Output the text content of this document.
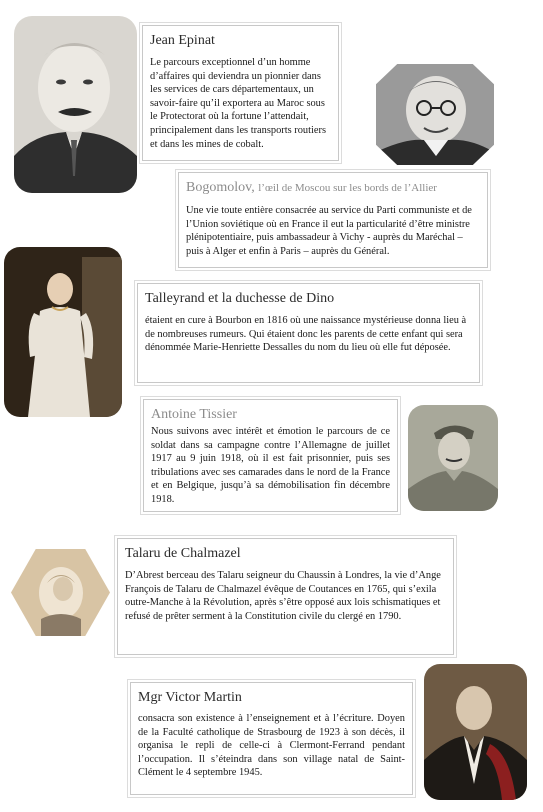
Jean Epinat

Le parcours exceptionnel d’un homme d’affaires qui deviendra un pionnier dans les services de cars départementaux, un savoir-faire qu’il exportera au Maroc sous le Protectorat où la fortune l’attendait, principalement dans les transports routiers et dans les mines de cobalt.

Bogomolov, l’œil de Moscou sur les bords de l’Allier

Une vie toute entière consacrée au service du Parti communiste et de l’Union soviétique où en France il eut la particularité d’être ministre plénipotentiaire, puis ambassadeur à Vichy - auprès du Maréchal – puis à Alger et enfin à Paris – auprès du Général.

Talleyrand et la duchesse de Dino

étaient en cure à Bourbon en 1816 où une naissance mystérieuse donna lieu à de nombreuses rumeurs. Qui étaient donc les parents de cette enfant qui sera dénommée Marie-Henriette Dessalles du nom du lieu où elle fut déposée.

Antoine Tissier

Nous suivons avec intérêt et émotion le parcours de ce soldat dans sa campagne contre l’Allemagne de juillet 1917 au 9 juin 1918, où il est fait prisonnier, puis ses tribulations avec ses camarades dans le nord de la France et en Belgique, jusqu’à sa démobilisation fin décembre 1918.

Talaru de Chalmazel

D’Abrest berceau des Talaru seigneur du Chaussin à Londres, la vie d’Ange François de Talaru de Chalmazel évêque de Coutances en 1765, qui s’exila outre-Manche à la Révolution, après s’être opposé aux lois schismatiques et refusé de prêter serment à la Constitution civile du clergé en 1790.

Mgr Victor Martin

consacra son existence à l’enseignement et à l’écriture. Doyen de la Faculté catholique de Strasbourg de 1923 à son décès, il organisa le repli de celle-ci à Clermont-Ferrand pendant l’occupation. Il s’éteindra dans son village natal de Saint-Clément le 4 septembre 1945.
